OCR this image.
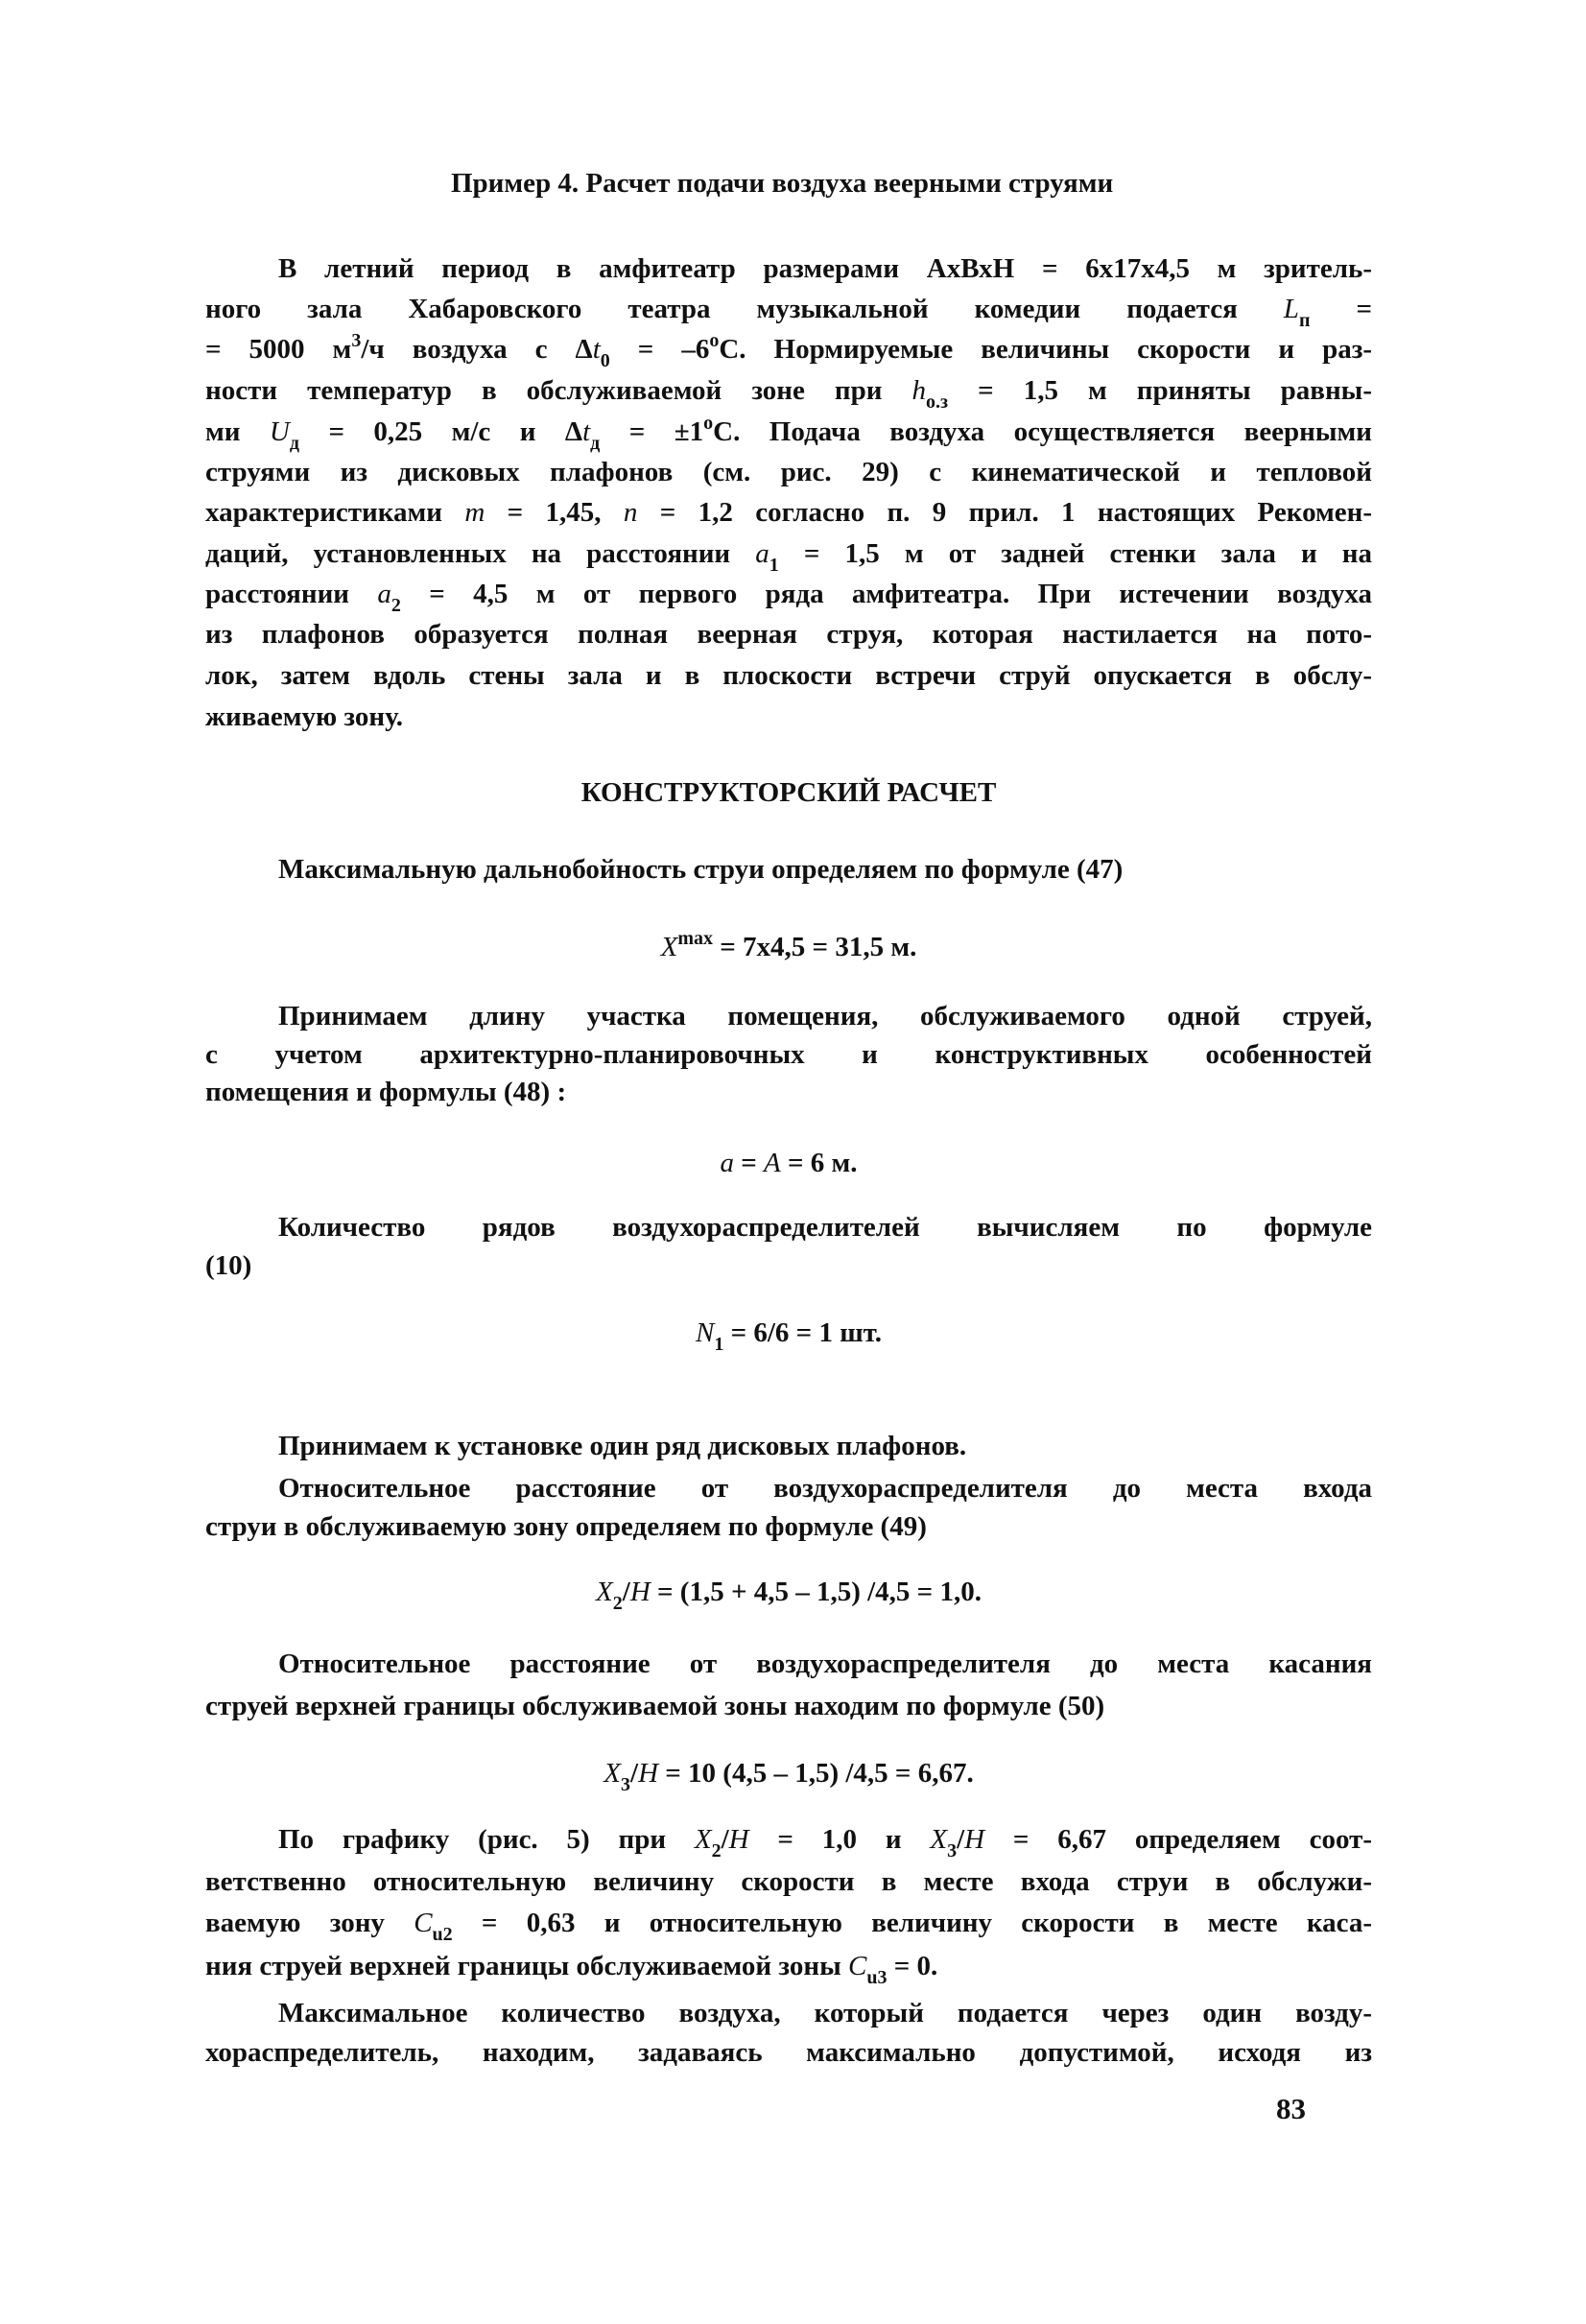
Пример 4. Расчет подачи воздуха веерными струями
В летний период в амфитеатр размерами АхВхН = 6х17х4,5 м зритель-
ного зала Хабаровского театра музыкальной комедии подается $L_п$ =
= 5000 $м^3/ч$ воздуха с $\Delta t_0 = -6^oC$. Нормируемые величины скорости и раз-
ности температур в обслуживаемой зоне при $h_{о.з} = 1,5$ м приняты равны-
ми $U_д = 0,25$ м/с и $\Delta t_д = \pm 1^oC$. Подача воздуха осуществляется веерными
струями из дисковых плафонов (см. рис. 29) с кинематической и тепловой
характеристиками m = 1,45, n = 1,2 согласно п. 9 прил. 1 настоящих Рекомен-
даций, установленных на расстоянии $a_1 = 1,5$ м от задней стенки зала и на
расстоянии $a_2 = 4,5$ м от первого ряда амфитеатра. При истечении воздуха
из плафонов образуется полная веерная струя, которая настилается на пото-
лок, затем вдоль стены зала и в плоскости встречи струй опускается в обслу-
живаемую зону.
КОНСТРУКТОРСКИЙ РАСЧЕТ
Максимальную дальнобойность струи определяем по формуле (47)
$X^{max} = 7х4,5 = 31,5$ м.
Принимаем длину участка помещения, обслуживаемого одной струей,
с учетом архитектурно-планировочных и конструктивных особенностей
помещения и формулы (48) :
a = A = 6 м.
Количество рядов воздухораспределителей вычисляем по формуле
(10)
$N_1 = 6/6 = 1$ шт.
Принимаем к установке один ряд дисковых плафонов.
Относительное расстояние от воздухораспределителя до места входа
струи в обслуживаемую зону определяем по формуле (49)
$X_2/H = (1,5 + 4,5 - 1,5) /4,5 = 1,0$.
Относительное расстояние от воздухораспределителя до места касания
струей верхней границы обслуживаемой зоны находим по формуле (50)
$X_3/H = 10$ (4,5 – 1,5) /4,5 = 6,67.
По графику (рис. 5) при $X_2/H = 1,0$ и $X_3/H = 6,67$ определяем соот-
ветственно относительную величину скорости в месте входа струи в обслужи-
ваемую зону $C_{u2} = 0,63$ и относительную величину скорости в месте каса-
ния струей верхней границы обслуживаемой зоны $C_{u3} = 0$.
Максимальное количество воздуха, который подается через один возду-
хораспределитель, находим, задаваясь максимально допустимой, исходя из
83
